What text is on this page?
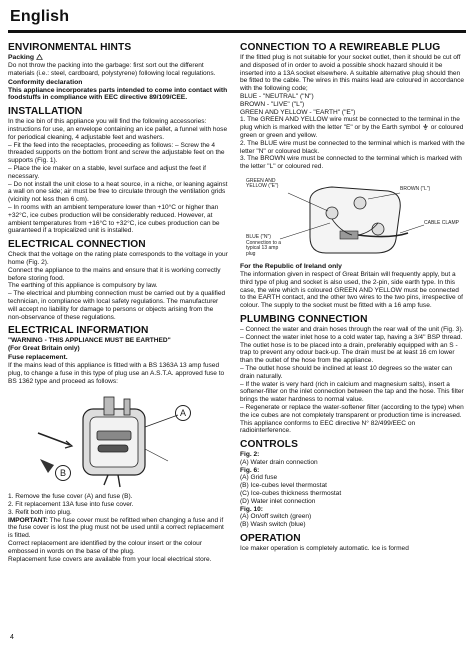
English
ENVIRONMENTAL HINTS
Packing

Do not throw the packing into the garbage: first sort out the different materials (i.e.: steel, cardboard, polystyrene) following local regulations.

Conformity declaration

This appliance incorporates parts intended to come into contact with foodstuffs in compliance with EEC directive 89/109/CEE.

INSTALLATION

In the ice bin of this appliance you will find the following accessories: instructions for use, an envelope containing an ice pallet, a funnel with hose for periodical cleaning, 4 adjustable feet and washers.

– Fit the feed into the receptacles, proceeding as follows: – Screw the 4 threaded supports on the bottom front and screw the adjustable feet on the supports (Fig. 1).

– Place the ice maker on a stable, level surface and adjust the feet if necessary.

– Do not install the unit close to a heat source, in a niche, or leaning against a wall on one side; air must be free to circulate through the ventilation grids (vicinity not less then 6 cm).

– In rooms with an ambient temperature lower than +10°C or higher than +32°C, ice cubes production will be considerably reduced. However, at ambient temperatures from +16°C to +32°C, ice cubes production can be guaranteed if a tropicalized unit is installed.

ELECTRICAL CONNECTION

Check that the voltage on the rating plate corresponds to the voltage in your home (Fig. 2).

Connect the appliance to the mains and ensure that it is working correctly before storing food.

The earthing of this appliance is compulsory by law.

– The electrical and plumbing connection must be carried out by a qualified technician, in compliance with local safety regulations. The manufacturer will accept no liability for damage to persons or objects arising from the non-observance of these regulations.

ELECTRICAL INFORMATION

"WARNING - THIS APPLIANCE MUST BE EARTHED"

(For Great Britain only)

Fuse replacement.

If the mains lead of this appliance is fitted with a BS 1363A 13 amp fused plug, to change a fuse in this type of plug use an A.S.T.A. approved fuse to BS 1362 type and proceed as follows:

A
B
1. Remove the fuse cover (A) and fuse (B).
2. Fit replacement 13A fuse into fuse cover.
3. Refit both into plug.

IMPORTANT: The fuse cover must be refitted when changing a fuse and if the fuse cover is lost the plug must not be used until a correct replacement is fitted.

Correct replacement are identified by the colour insert or the colour embossed in words on the base of the plug.

Replacement fuse covers are available from your local electrical store.

CONNECTION TO A REWIREABLE PLUG

If the fitted plug is not suitable for your socket outlet, then it should be cut off and disposed of in order to avoid a possible shock hazard should it be inserted into a 13A socket elsewhere. A suitable alternative plug should then be fitted to the cable. The wires in this mains lead are coloured in accordance with the following code;

BLUE - "NEUTRAL" ("N")

BROWN - "LIVE" ("L")

GREEN AND YELLOW - "EARTH" ("E")

1. The GREEN AND YELLOW wire must be connected to the terminal in the plug which is marked with the letter "E" or by the Earth symbol  or coloured green or green and yellow.

2. The BLUE wire must be connected to the terminal which is marked with the letter "N" or coloured black.

3. The BROWN wire must be connected to the terminal which is marked with the letter "L" or coloured red.

GREEN AND YELLOW ("E")	BROWN ("L")
CABLE CLAMP
BLUE ("N")
Connection to a typical 13 amp plug
For the Republic of Ireland only

The information given in respect of Great Britain will frequently apply, but a third type of plug and socket is also used, the 2-pin, side earth type. In this case, the wire which is coloured GREEN AND YELLOW must be connected to the EARTH contact, and the other two wires to the two pins, irrespective of colour. The supply to the socket must be fitted with a 16 amp fuse.

PLUMBING CONNECTION

– Connect the water and drain hoses through the rear wall of the unit (Fig. 3).

– Connect the water inlet hose to a cold water tap, having a 3/4" BSP thread. The outlet hose is to be placed into a drain, preferably equipped with an S - trap to prevent any odour back-up. The drain must be at least 16 cm lower than the outlet of the hose from the appliance.

– The outlet hose should be inclined at least 10 degrees so the water can drain naturally.

– If the water is very hard (rich in calcium and magnesium salts), insert a softener-filter on the inlet connection between the tap and the hose. This filter brings the water hardness to normal value.

– Regenerate or replace the water-softener filter (according to the type) when the ice cubes are not completely transparent or production time is increased. This appliance conforms to EEC directive N° 82/499/EEC on radiointerference.

CONTROLS
Fig. 2:
(A) Water drain connection
Fig. 6:
(A) Grid fuse
(B) Ice-cubes level thermostat
(C) Ice-cubes thickness thermostat
(D) Water inlet connection
Fig. 10:
(A) On/off switch (green)
(B) Wash switch (blue)
OPERATION

Ice maker operation is completely automatic. Ice is formed

4
